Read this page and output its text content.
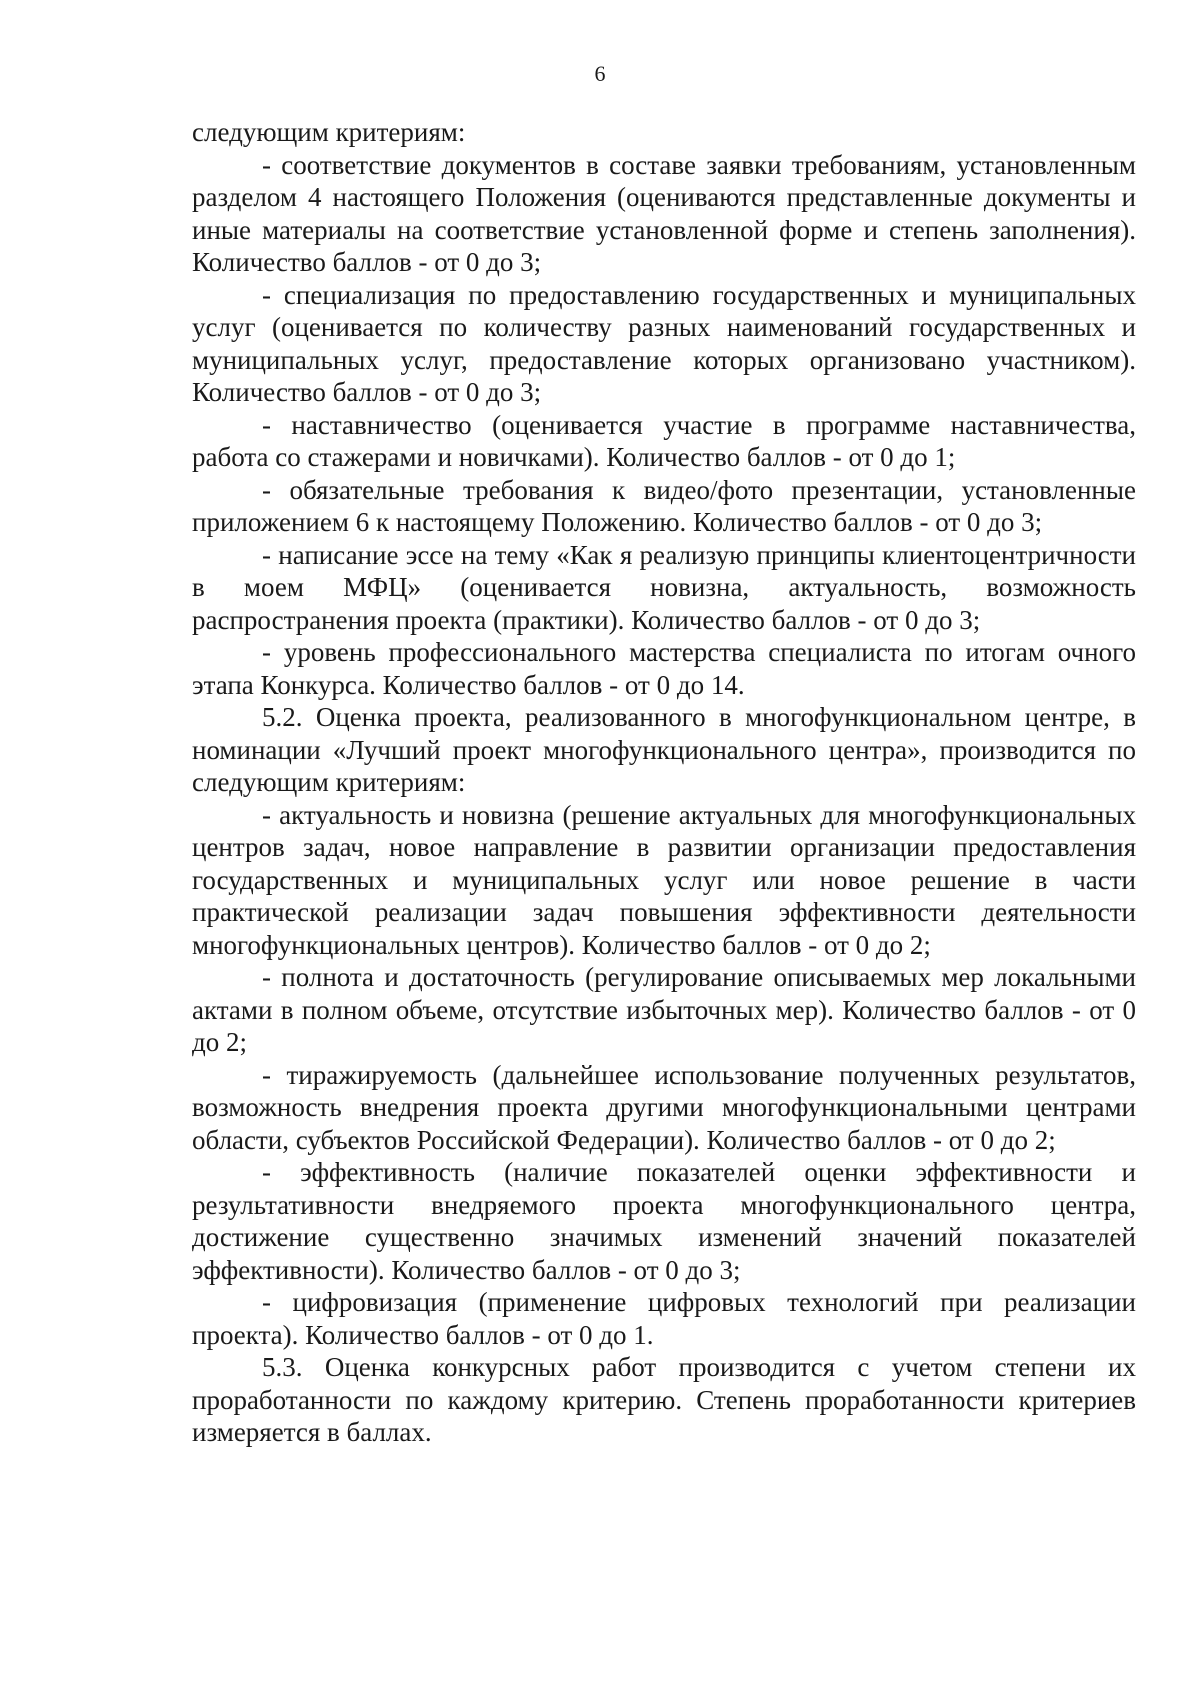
6

следующим критериям:

- соответствие документов в составе заявки требованиям, установленным разделом 4 настоящего Положения (оцениваются представленные документы и иные материалы на соответствие установленной форме и степень заполнения). Количество баллов - от 0 до 3;

- специализация по предоставлению государственных и муниципальных услуг (оценивается по количеству разных наименований государственных и муниципальных услуг, предоставление которых организовано участником). Количество баллов - от 0 до 3;

- наставничество (оценивается участие в программе наставничества, работа со стажерами и новичками). Количество баллов - от 0 до 1;

- обязательные требования к видео/фото презентации, установленные приложением 6 к настоящему Положению. Количество баллов - от 0 до 3;

- написание эссе на тему «Как я реализую принципы клиентоцентричности в моем МФЦ» (оценивается новизна, актуальность, возможность распространения проекта (практики). Количество баллов - от 0 до 3;

- уровень профессионального мастерства специалиста по итогам очного этапа Конкурса. Количество баллов - от 0 до 14.

5.2. Оценка проекта, реализованного в многофункциональном центре, в номинации «Лучший проект многофункционального центра», производится по следующим критериям:

- актуальность и новизна (решение актуальных для многофункциональных центров задач, новое направление в развитии организации предоставления государственных и муниципальных услуг или новое решение в части практической реализации задач повышения эффективности деятельности многофункциональных центров). Количество баллов - от 0 до 2;

- полнота и достаточность (регулирование описываемых мер локальными актами в полном объеме, отсутствие избыточных мер). Количество баллов - от 0 до 2;

- тиражируемость (дальнейшее использование полученных результатов, возможность внедрения проекта другими многофункциональными центрами области, субъектов Российской Федерации). Количество баллов - от 0 до 2;

- эффективность (наличие показателей оценки эффективности и результативности внедряемого проекта многофункционального центра, достижение существенно значимых изменений значений показателей эффективности). Количество баллов - от 0 до 3;

- цифровизация (применение цифровых технологий при реализации проекта). Количество баллов - от 0 до 1.

5.3. Оценка конкурсных работ производится с учетом степени их проработанности по каждому критерию. Степень проработанности критериев измеряется в баллах.
